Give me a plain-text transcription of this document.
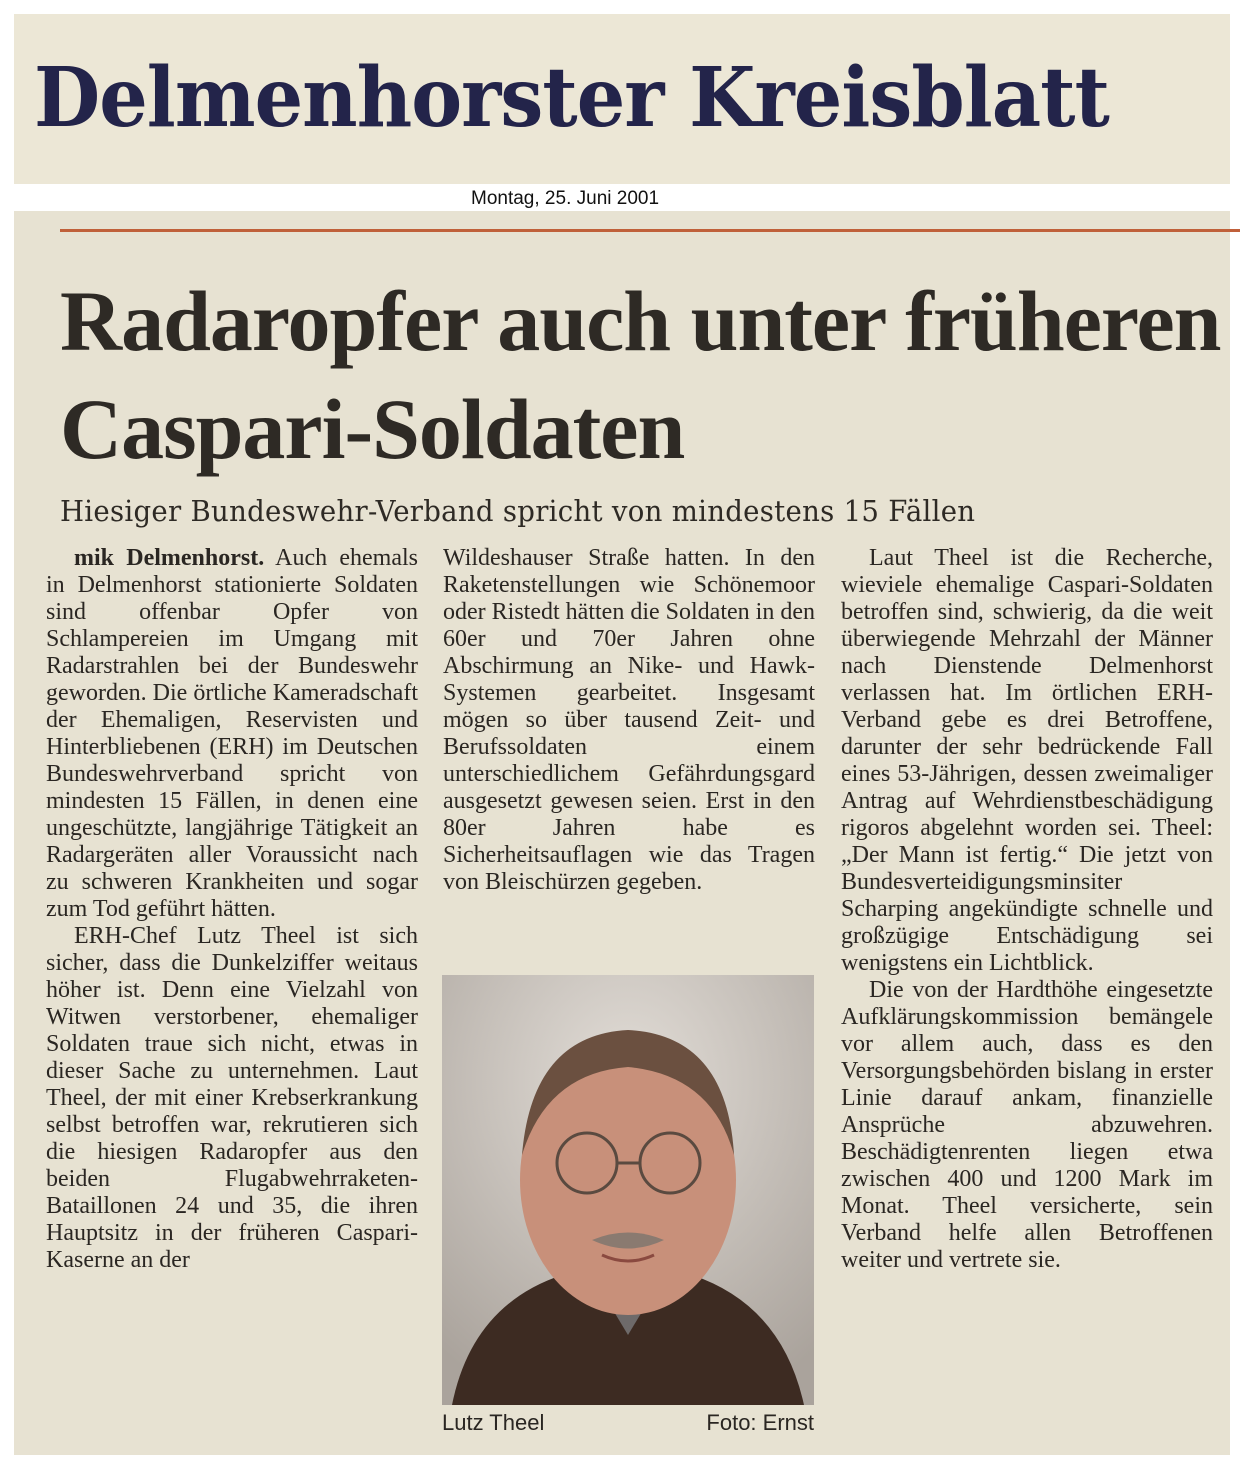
Delmenhorster Kreisblatt
Montag, 25. Juni 2001
Radaropfer auch unter früheren Caspari-Soldaten
Hiesiger Bundeswehr-Verband spricht von mindestens 15 Fällen

mik Delmenhorst. Auch ehemals in Delmenhorst stationierte Soldaten sind offenbar Opfer von Schlampereien im Umgang mit Radarstrahlen bei der Bundeswehr geworden. Die örtliche Kameradschaft der Ehemaligen, Reservisten und Hinterbliebenen (ERH) im Deutschen Bundeswehrverband spricht von mindesten 15 Fällen, in denen eine ungeschützte, langjährige Tätigkeit an Radargeräten aller Voraussicht nach zu schweren Krankheiten und sogar zum Tod geführt hätten.

ERH-Chef Lutz Theel ist sich sicher, dass die Dunkelziffer weitaus höher ist. Denn eine Vielzahl von Witwen verstorbener, ehemaliger Soldaten traue sich nicht, etwas in dieser Sache zu unternehmen. Laut Theel, der mit einer Krebserkrankung selbst betroffen war, rekrutieren sich die hiesigen Radaropfer aus den beiden Flugabwehrraketen-Bataillonen 24 und 35, die ihren Hauptsitz in der früheren Caspari-Kaserne an der

Wildeshauser Straße hatten. In den Raketenstellungen wie Schönemoor oder Ristedt hätten die Soldaten in den 60er und 70er Jahren ohne Abschirmung an Nike- und Hawk-Systemen gearbeitet. Insgesamt mögen so über tausend Zeit- und Berufssoldaten einem unterschiedlichem Gefährdungsgard ausgesetzt gewesen seien. Erst in den 80er Jahren habe es Sicherheitsauflagen wie das Tragen von Bleischürzen gegeben.

Lutz Theel	Foto: Ernst

Laut Theel ist die Recherche, wieviele ehemalige Caspari-Soldaten betroffen sind, schwierig, da die weit überwiegende Mehrzahl der Männer nach Dienstende Delmenhorst verlassen hat. Im örtlichen ERH-Verband gebe es drei Betroffene, darunter der sehr bedrückende Fall eines 53-Jährigen, dessen zweimaliger Antrag auf Wehrdienstbeschädigung rigoros abgelehnt worden sei. Theel: „Der Mann ist fertig.“ Die jetzt von Bundesverteidigungsminsiter Scharping angekündigte schnelle und großzügige Entschädigung sei wenigstens ein Lichtblick.

Die von der Hardthöhe eingesetzte Aufklärungskommission bemängele vor allem auch, dass es den Versorgungsbehörden bislang in erster Linie darauf ankam, finanzielle Ansprüche abzuwehren. Beschädigtenrenten liegen etwa zwischen 400 und 1200 Mark im Monat. Theel versicherte, sein Verband helfe allen Betroffenen weiter und vertrete sie.
